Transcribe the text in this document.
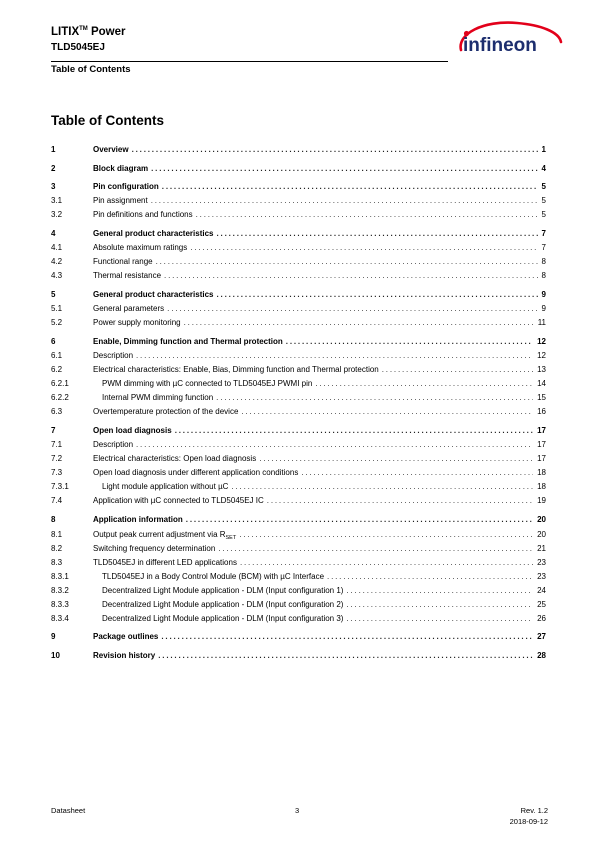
LITIX™ Power
TLD5045EJ
Table of Contents
infineon
Table of Contents
1	Overview . . .	1
2	Block diagram . . .	4
3	Pin configuration . . .	5
3.1	Pin assignment . . .	5
3.2	Pin definitions and functions . . .	5
4	General product characteristics . . .	7
4.1	Absolute maximum ratings . . .	7
4.2	Functional range . . .	8
4.3	Thermal resistance . . .	8
5	General product characteristics . . .	9
5.1	General parameters . . .	9
5.2	Power supply monitoring . . .	11
6	Enable, Dimming function and Thermal protection . . .	12
6.1	Description . . .	12
6.2	Electrical characteristics: Enable, Bias, Dimming function and Thermal protection . . .	13
6.2.1	PWM dimming with µC connected to TLD5045EJ PWMI pin . . .	14
6.2.2	Internal PWM dimming function . . .	15
6.3	Overtemperature protection of the device . . .	16
7	Open load diagnosis . . .	17
7.1	Description . . .	17
7.2	Electrical characteristics: Open load diagnosis . . .	17
7.3	Open load diagnosis under different application conditions . . .	18
7.3.1	Light module application without µC . . .	18
7.4	Application with µC connected to TLD5045EJ IC . . .	19
8	Application information . . .	20
8.1	Output peak current adjustment via $R_{SET}$ . . .	20
8.2	Switching frequency determination . . .	21
8.3	TLD5045EJ in different LED applications . . .	23
8.3.1	TLD5045EJ in a Body Control Module (BCM) with µC Interface . . .	23
8.3.2	Decentralized Light Module application - DLM (Input configuration 1) . . .	24
8.3.3	Decentralized Light Module application - DLM (Input configuration 2) . . .	25
8.3.4	Decentralized Light Module application - DLM (Input configuration 3) . . .	26
9	Package outlines . . .	27
10	Revision history . . .	28
Datasheet	3	Rev. 1.2
2018-09-12
